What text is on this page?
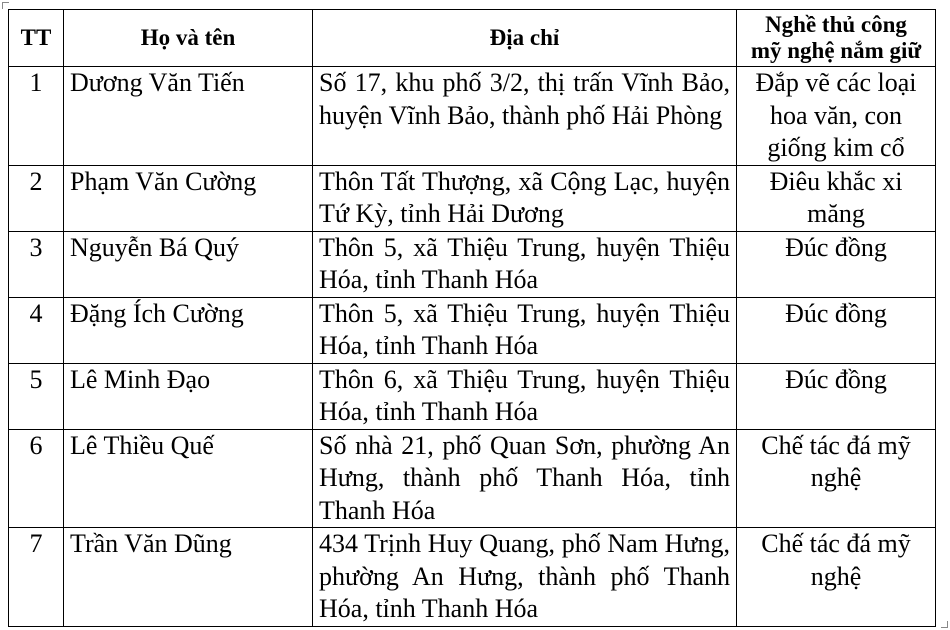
TT	Họ và tên	Địa chỉ	Nghề thủ công
mỹ nghệ nắm giữ

1	Dương Văn Tiến	Số 17, khu phố 3/2, thị trấn Vĩnh Bảo, huyện Vĩnh Bảo, thành phố Hải Phòng	Đắp vẽ các loại hoa văn, con giống kim cổ
2	Phạm Văn Cường	Thôn Tất Thượng, xã Cộng Lạc, huyện Tứ Kỳ, tỉnh Hải Dương	Điêu khắc xi măng
3	Nguyễn Bá Quý	Thôn 5, xã Thiệu Trung, huyện Thiệu Hóa, tỉnh Thanh Hóa	Đúc đồng
4	Đặng Ích Cường	Thôn 5, xã Thiệu Trung, huyện Thiệu Hóa, tỉnh Thanh Hóa	Đúc đồng
5	Lê Minh Đạo	Thôn 6, xã Thiệu Trung, huyện Thiệu Hóa, tỉnh Thanh Hóa	Đúc đồng
6	Lê Thiều Quế	Số nhà 21, phố Quan Sơn, phường An Hưng, thành phố Thanh Hóa, tỉnh Thanh Hóa	Chế tác đá mỹ nghệ
7	Trần Văn Dũng	434 Trịnh Huy Quang, phố Nam Hưng, phường An Hưng, thành phố Thanh Hóa, tỉnh Thanh Hóa	Chế tác đá mỹ nghệ
